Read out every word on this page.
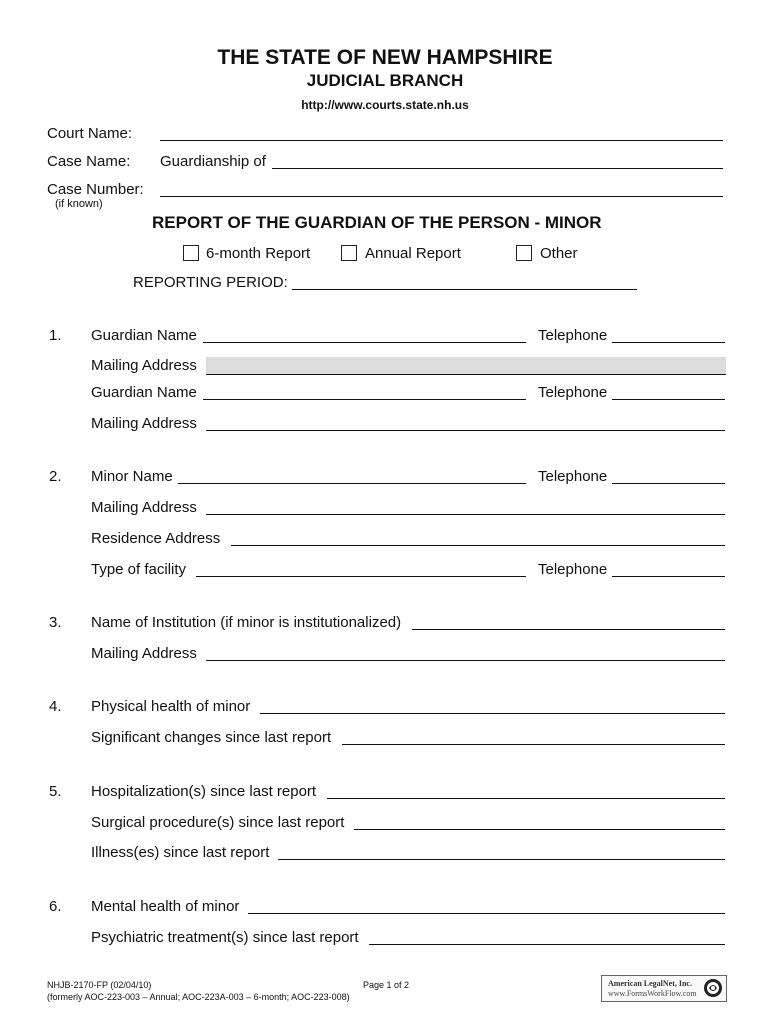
THE STATE OF NEW HAMPSHIRE
JUDICIAL BRANCH
http://www.courts.state.nh.us
Court Name:
Case Name: Guardianship of
Case Number:
(if known)
REPORT OF THE GUARDIAN OF THE PERSON - MINOR
6-month Report	Annual Report	Other
REPORTING PERIOD:
1. Guardian Name	Telephone
Mailing Address
Guardian Name	Telephone
Mailing Address
2. Minor Name	Telephone
Mailing Address
Residence Address
Type of facility	Telephone
3. Name of Institution (if minor is institutionalized)
Mailing Address
4. Physical health of minor
Significant changes since last report
5. Hospitalization(s) since last report
Surgical procedure(s) since last report
Illness(es) since last report
6. Mental health of minor
Psychiatric treatment(s) since last report
NHJB-2170-FP (02/04/10)
(formerly AOC-223-003 – Annual; AOC-223A-003 – 6-month; AOC-223-008)
Page 1 of 2	American LegalNet, Inc.
www.FormsWorkFlow.com
